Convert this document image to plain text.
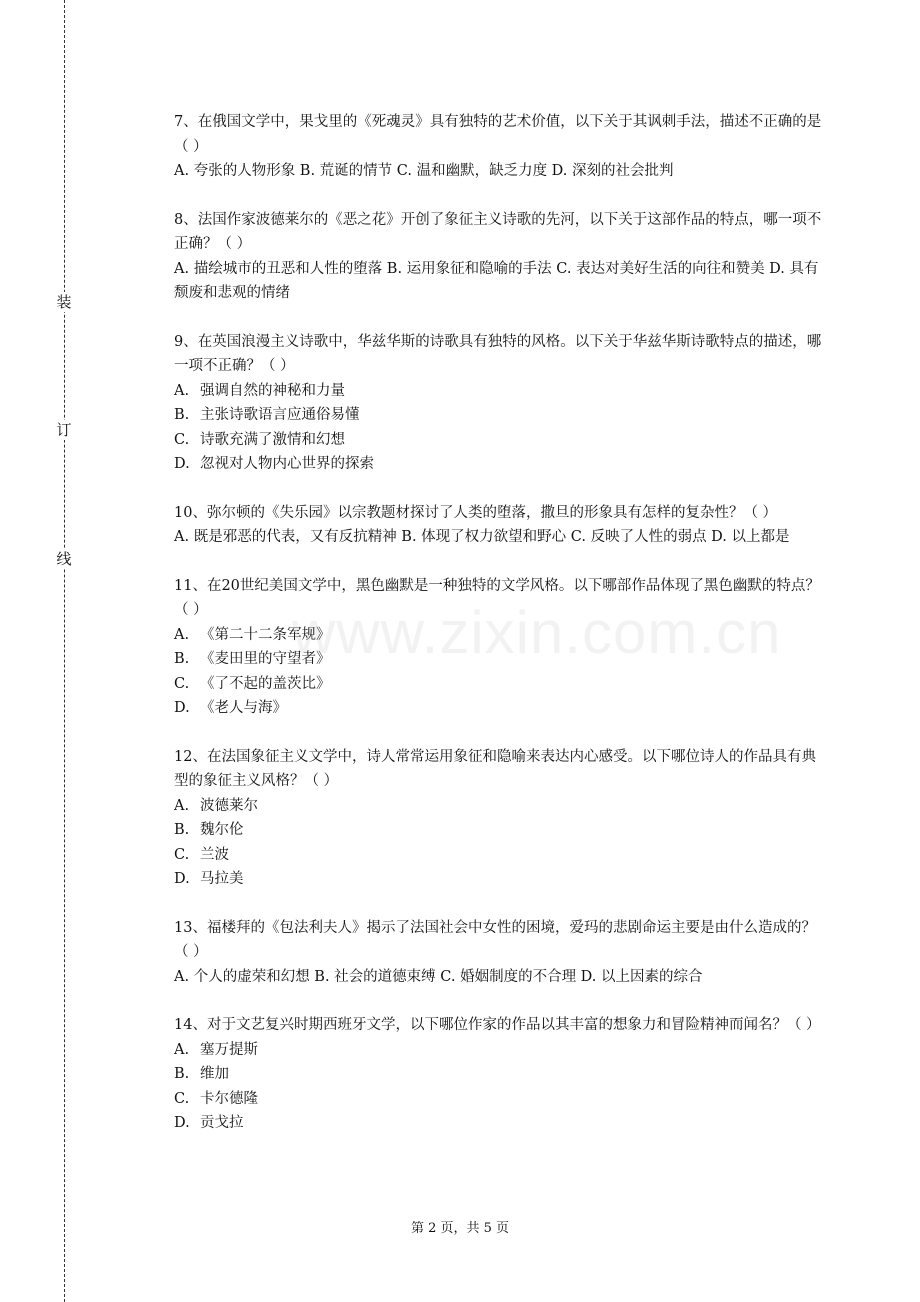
装
订
线
www.zixin.com.cn

7、在俄国文学中，果戈里的《死魂灵》具有独特的艺术价值，以下关于其讽刺手法，描述不正确的是（ ）

A. 夸张的人物形象 B. 荒诞的情节 C. 温和幽默，缺乏力度 D. 深刻的社会批判

8、法国作家波德莱尔的《恶之花》开创了象征主义诗歌的先河，以下关于这部作品的特点，哪一项不正确？（ ）

A. 描绘城市的丑恶和人性的堕落 B. 运用象征和隐喻的手法 C. 表达对美好生活的向往和赞美 D. 具有颓废和悲观的情绪

9、在英国浪漫主义诗歌中，华兹华斯的诗歌具有独特的风格。以下关于华兹华斯诗歌特点的描述，哪一项不正确？（ ）

A. 强调自然的神秘和力量

B. 主张诗歌语言应通俗易懂

C. 诗歌充满了激情和幻想

D. 忽视对人物内心世界的探索

10、弥尔顿的《失乐园》以宗教题材探讨了人类的堕落，撒旦的形象具有怎样的复杂性？（ ）

A. 既是邪恶的代表，又有反抗精神 B. 体现了权力欲望和野心 C. 反映了人性的弱点 D. 以上都是

11、在20世纪美国文学中，黑色幽默是一种独特的文学风格。以下哪部作品体现了黑色幽默的特点？（ ）

A. 《第二十二条军规》

B. 《麦田里的守望者》

C. 《了不起的盖茨比》

D. 《老人与海》

12、在法国象征主义文学中，诗人常常运用象征和隐喻来表达内心感受。以下哪位诗人的作品具有典型的象征主义风格？（ ）

A. 波德莱尔

B. 魏尔伦

C. 兰波

D. 马拉美

13、福楼拜的《包法利夫人》揭示了法国社会中女性的困境，爱玛的悲剧命运主要是由什么造成的？（ ）

A. 个人的虚荣和幻想 B. 社会的道德束缚 C. 婚姻制度的不合理 D. 以上因素的综合

14、对于文艺复兴时期西班牙文学，以下哪位作家的作品以其丰富的想象力和冒险精神而闻名？（ ）

A. 塞万提斯

B. 维加

C. 卡尔德隆

D. 贡戈拉

第 2 页，共 5 页
